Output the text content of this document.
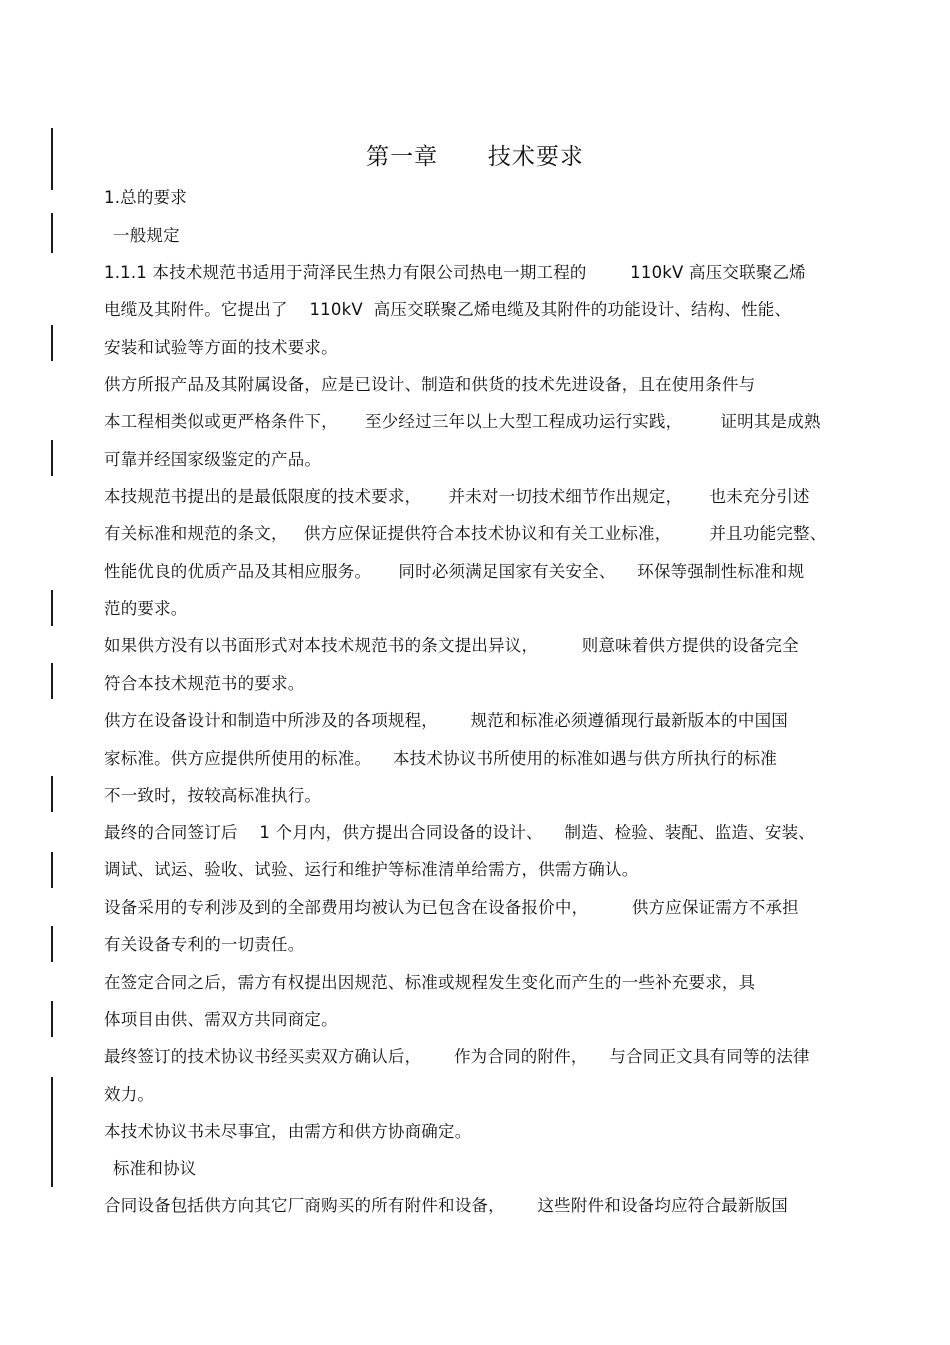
第一章      技术要求
1.总的要求
一般规定
1.1.1 本技术规范书适用于菏泽民生热力有限公司热电一期工程的        110kV 高压交联聚乙烯
电缆及其附件。它提出了    110kV  高压交联聚乙烯电缆及其附件的功能设计、结构、性能、
安装和试验等方面的技术要求。
供方所报产品及其附属设备，应是已设计、制造和供货的技术先进设备，且在使用条件与
本工程相类似或更严格条件下，     至少经过三年以上大型工程成功运行实践，       证明其是成熟
可靠并经国家级鉴定的产品。
本技规范书提出的是最低限度的技术要求，     并未对一切技术细节作出规定，     也未充分引述
有关标准和规范的条文，   供方应保证提供符合本技术协议和有关工业标准，       并且功能完整、
性能优良的优质产品及其相应服务。     同时必须满足国家有关安全、    环保等强制性标准和规
范的要求。
如果供方没有以书面形式对本技术规范书的条文提出异议，        则意味着供方提供的设备完全
符合本技术规范书的要求。
供方在设备设计和制造中所涉及的各项规程，      规范和标准必须遵循现行最新版本的中国国
家标准。供方应提供所使用的标准。    本技术协议书所使用的标准如遇与供方所执行的标准
不一致时，按较高标准执行。
最终的合同签订后    1 个月内，供方提出合同设备的设计、    制造、检验、装配、监造、安装、
调试、试运、验收、试验、运行和维护等标准清单给需方，供需方确认。
设备采用的专利涉及到的全部费用均被认为已包含在设备报价中，        供方应保证需方不承担
有关设备专利的一切责任。
在签定合同之后，需方有权提出因规范、标准或规程发生变化而产生的一些补充要求，具
体项目由供、需双方共同商定。
最终签订的技术协议书经买卖双方确认后，      作为合同的附件，    与合同正文具有同等的法律
效力。
本技术协议书未尽事宜，由需方和供方协商确定。
标准和协议
合同设备包括供方向其它厂商购买的所有附件和设备，      这些附件和设备均应符合最新版国
